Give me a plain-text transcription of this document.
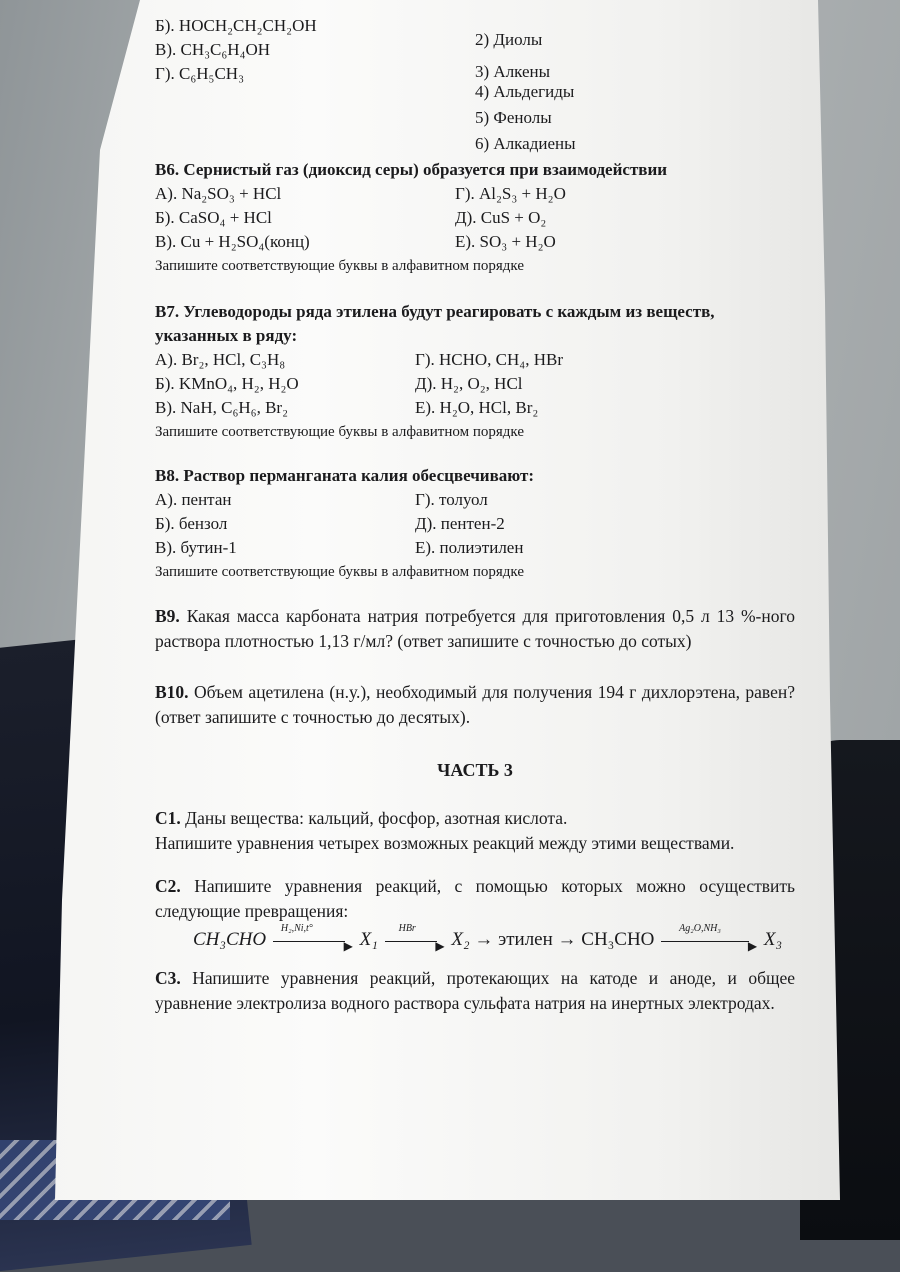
Б). HOCH₂CH₂CH₂OH
В). CH₃C₆H₄OH
2) Диолы
Г). C₆H₅CH₃	3) Алкены
4) Альдегиды
5) Фенолы
6) Алкадиены
В6. Сернистый газ (диоксид серы) образуется при взаимодействии
А). Na₂SO₃ + HCl	Г). Al₂S₃ + H₂O
Б). CaSO₄ + HCl	Д). CuS + O₂
В). Cu + H₂SO₄(конц)	Е). SO₃ + H₂O
Запишите соответствующие буквы в алфавитном порядке
В7. Углеводороды ряда этилена будут реагировать с каждым из веществ,
указанных в ряду:
А). Br₂, HCl, C₃H₈	Г). HCHO, CH₄, HBr
Б). KMnO₄, H₂, H₂O	Д). H₂, O₂, HCl
В). NaH, C₆H₆, Br₂	Е). H₂O, HCl, Br₂
Запишите соответствующие буквы в алфавитном порядке
В8. Раствор перманганата калия обесцвечивают:
А). пентан	Г). толуол
Б). бензол	Д). пентен-2
В). бутин-1	Е). полиэтилен
Запишите соответствующие буквы в алфавитном порядке
В9. Какая масса карбоната натрия потребуется для приготовления 0,5 л 13 %-ного раствора плотностью 1,13 г/мл? (ответ запишите с точностью до сотых)
В10. Объем ацетилена (н.у.), необходимый для получения 194 г дихлорэтена, равен? (ответ запишите с точностью до десятых).
ЧАСТЬ 3
С1. Даны вещества: кальций, фосфор, азотная кислота.
Напишите уравнения четырех возможных реакций между этими веществами.
С2. Напишите уравнения реакций, с помощью которых можно осуществить следующие превращения:
CH₃CHO
H₂,Ni,t°
▶ X₁
HBr
▶ X₂ → этилен → CH₃CHO
Ag₂O,NH₃
▶ X₃
С3. Напишите уравнения реакций, протекающих на катоде и аноде, и общее уравнение электролиза водного раствора сульфата натрия на инертных электродах.
